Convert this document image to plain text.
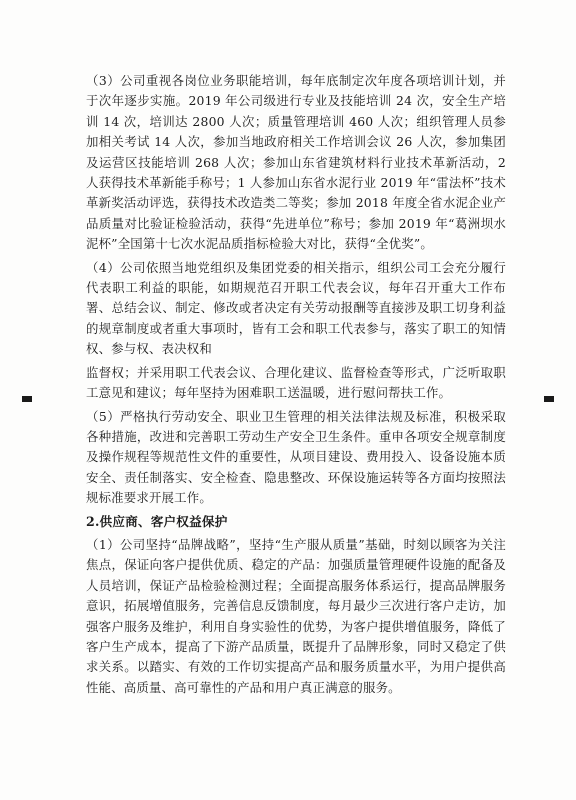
（3）公司重视各岗位业务职能培训，每年底制定次年度各项培训计划，并于次年逐步实施。2019 年公司级进行专业及技能培训 24 次，安全生产培训 14 次，培训达 2800 人次；质量管理培训 460 人次；组织管理人员参加相关考试 14 人次，参加当地政府相关工作培训会议 26 人次，参加集团及运营区技能培训 268 人次；参加山东省建筑材料行业技术革新活动，2 人获得技术革新能手称号；1 人参加山东省水泥行业 2019 年“雷法杯”技术革新奖活动评选，获得技术改造类二等奖；参加 2018 年度全省水泥企业产品质量对比验证检验活动，获得“先进单位”称号；参加 2019 年“葛洲坝水泥杯”全国第十七次水泥品质指标检验大对比，获得“全优奖”。

（4）公司依照当地党组织及集团党委的相关指示，组织公司工会充分履行代表职工利益的职能，如期规范召开职工代表会议，每年召开重大工作布署、总结会议、制定、修改或者决定有关劳动报酬等直接涉及职工切身利益的规章制度或者重大事项时，皆有工会和职工代表参与，落实了职工的知情权、参与权、表决权和

监督权；并采用职工代表会议、合理化建议、监督检查等形式，广泛听取职工意见和建议；每年坚持为困难职工送温暖，进行慰问帮扶工作。

（5）严格执行劳动安全、职业卫生管理的相关法律法规及标准，积极采取各种措施，改进和完善职工劳动生产安全卫生条件。重申各项安全规章制度及操作规程等规范性文件的重要性，从项目建设、费用投入、设备设施本质安全、责任制落实、安全检查、隐患整改、环保设施运转等各方面均按照法规标准要求开展工作。

2.供应商、客户权益保护

（1）公司坚持“品牌战略”，坚持“生产服从质量”基础，时刻以顾客为关注焦点，保证向客户提供优质、稳定的产品：加强质量管理硬件设施的配备及人员培训，保证产品检验检测过程；全面提高服务体系运行，提高品牌服务意识，拓展增值服务，完善信息反馈制度，每月最少三次进行客户走访，加强客户服务及维护，利用自身实验性的优势，为客户提供增值服务，降低了客户生产成本，提高了下游产品质量，既提升了品牌形象，同时又稳定了供求关系。以踏实、有效的工作切实提高产品和服务质量水平，为用户提供高性能、高质量、高可靠性的产品和用户真正满意的服务。
